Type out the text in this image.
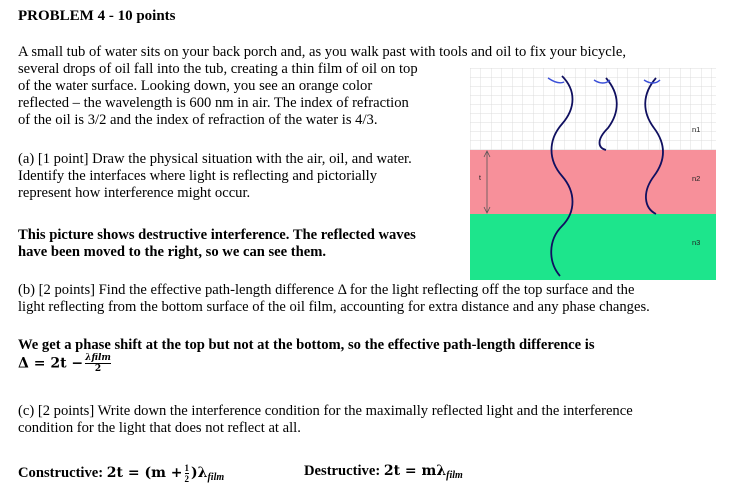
PROBLEM 4 - 10 points
A small tub of water sits on your back porch and, as you walk past with tools and oil to fix your bicycle,
several drops of oil fall into the tub, creating a thin film of oil on top
of the water surface. Looking down, you see an orange color
reflected – the wavelength is 600 nm in air. The index of refraction
of the oil is 3/2 and the index of refraction of the water is 4/3.
(a) [1 point] Draw the physical situation with the air, oil, and water.
Identify the interfaces where light is reflecting and pictorially
represent how interference might occur.
This picture shows destructive interference. The reflected waves
have been moved to the right, so we can see them.
t
n1
n2
n3
(b) [2 points] Find the effective path-length difference Δ for the light reflecting off the top surface and the
light reflecting from the bottom surface of the oil film, accounting for extra distance and any phase changes.
We get a phase shift at the top but not at the bottom, so the effective path-length difference is
$\Delta = 2t - \frac{\text{λfilm}}{2}$
(c) [2 points] Write down the interference condition for the maximally reflected light and the interference
condition for the light that does not reflect at all.
Constructive: $2t = (m + \frac{1}{2} )\lambda_{film}$	Destructive: $2t = m\lambda_{film}$
